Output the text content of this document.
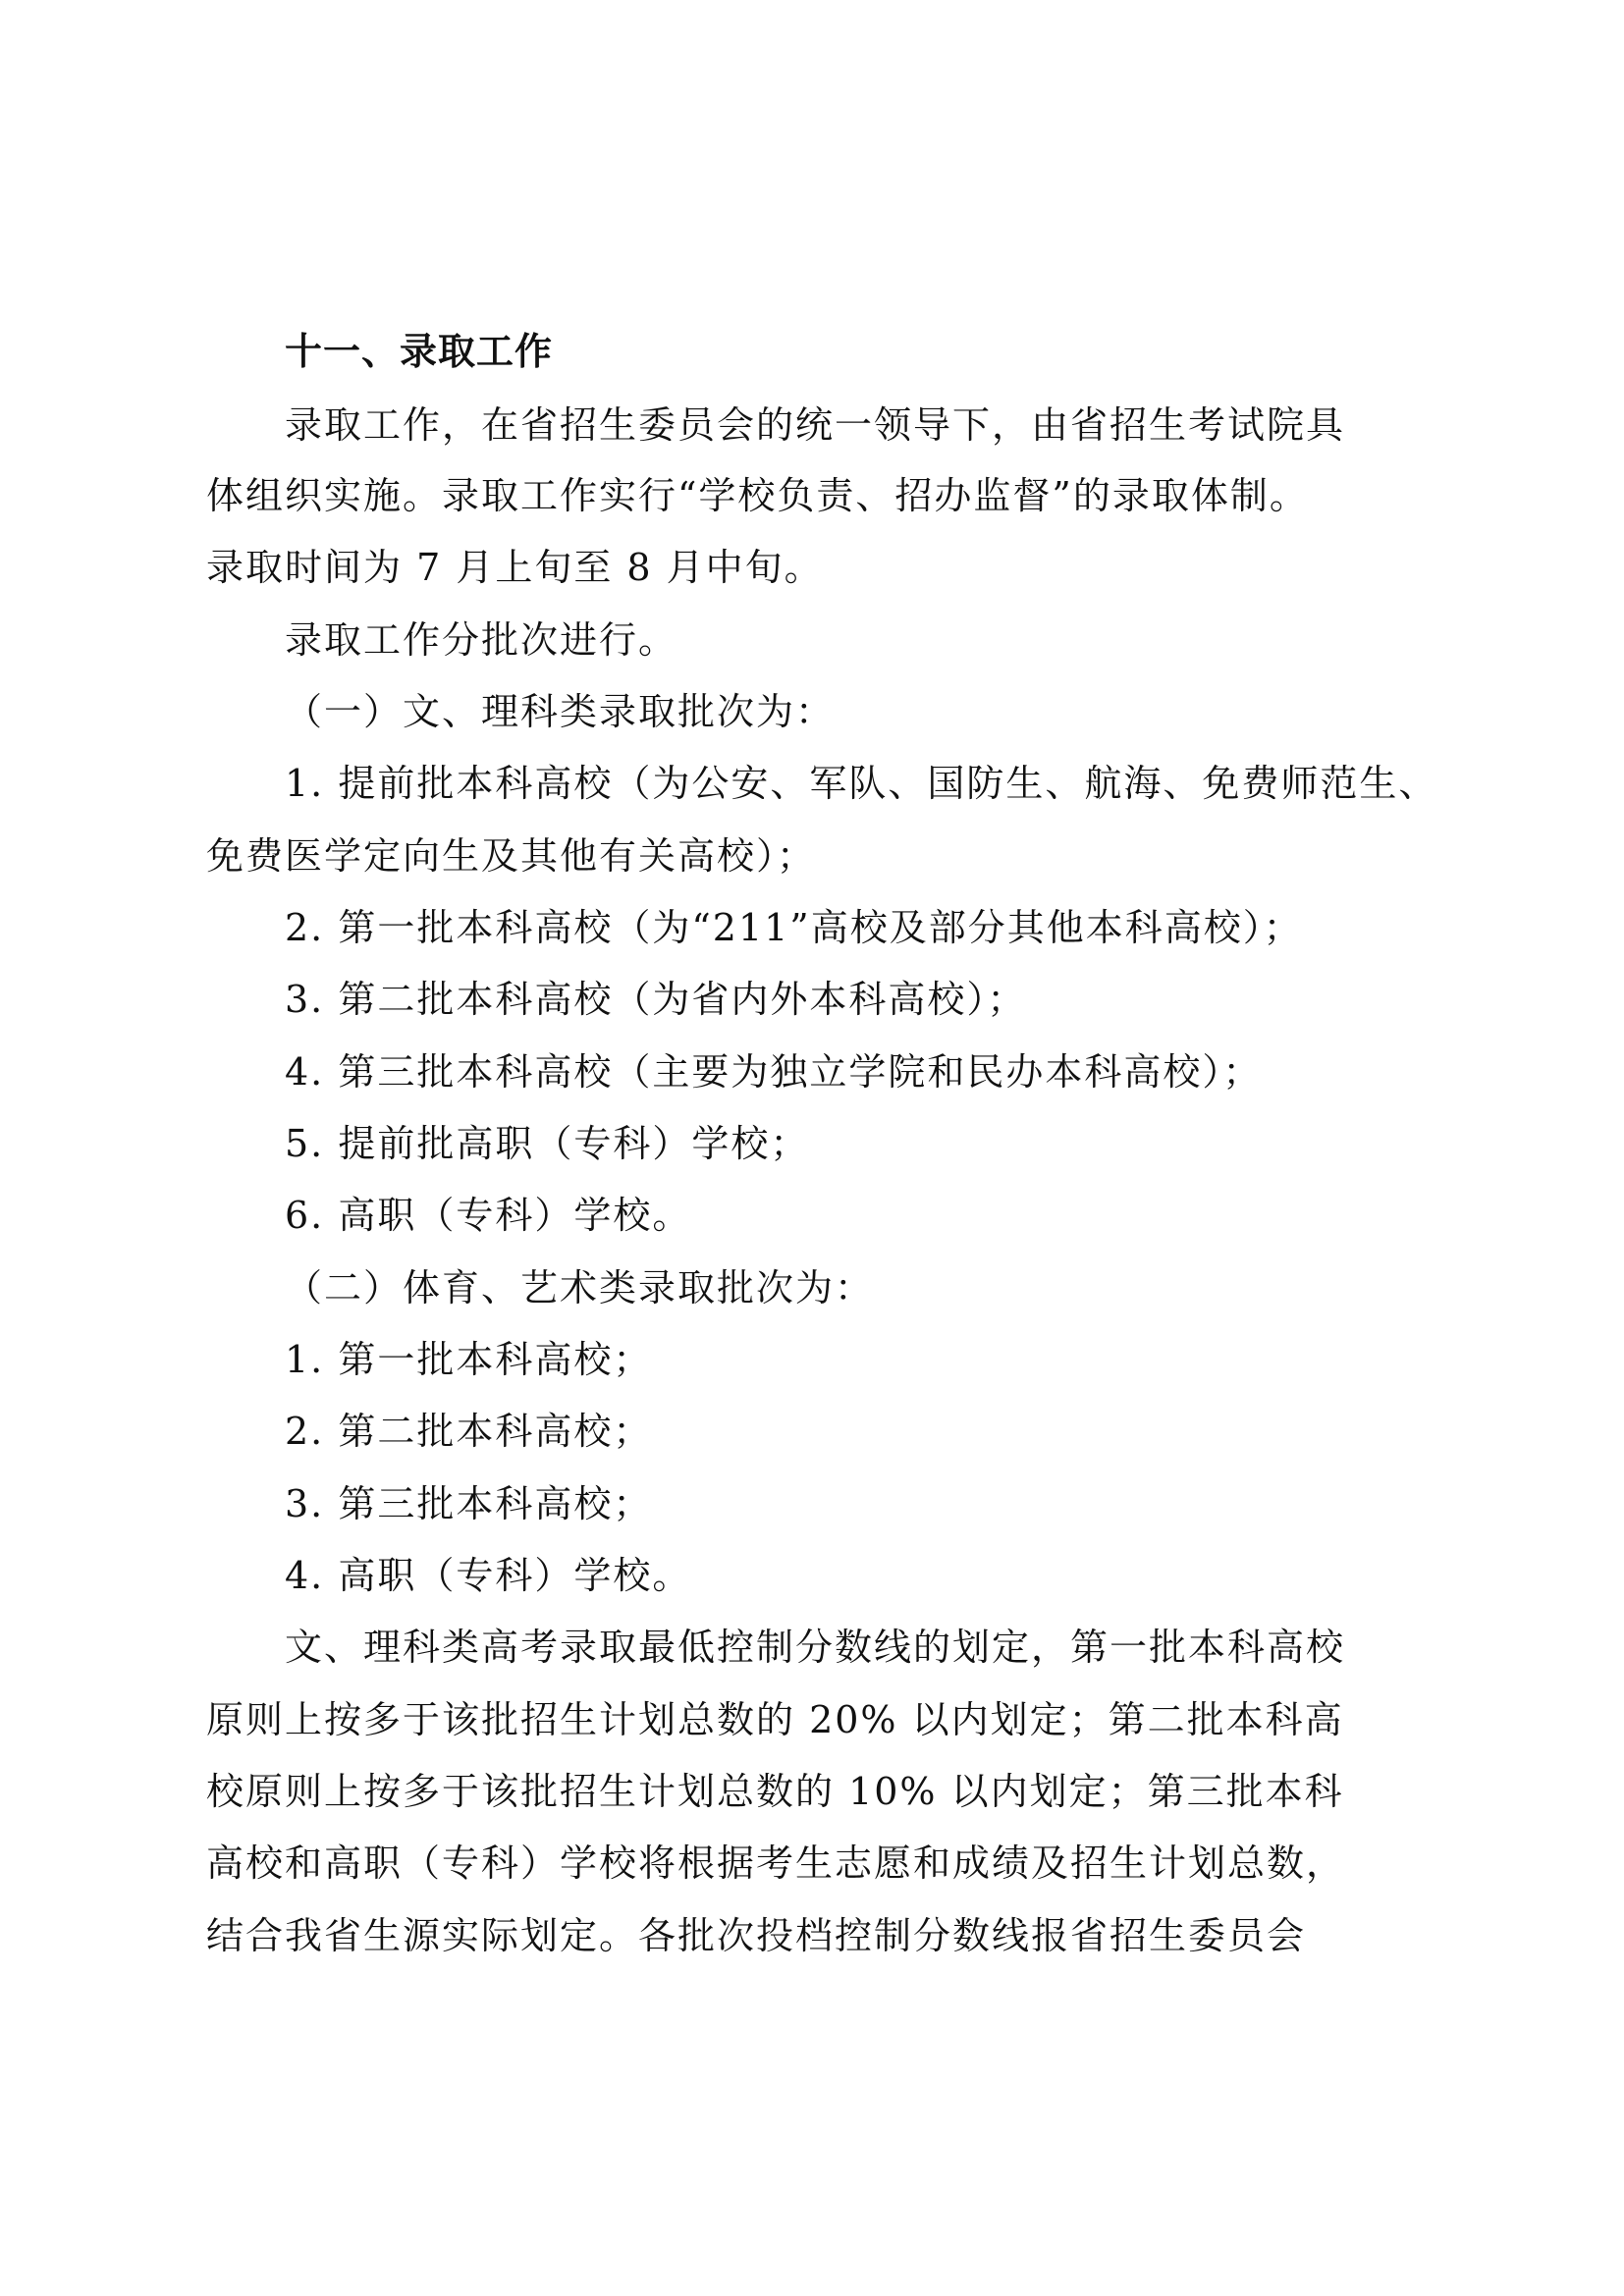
十一、录取工作
录取工作，在省招生委员会的统一领导下，由省招生考试院具
体组织实施。录取工作实行“学校负责、招办监督”的录取体制。
录取时间为 7 月上旬至 8 月中旬。
录取工作分批次进行。
（一）文、理科类录取批次为：
1. 提前批本科高校（为公安、军队、国防生、航海、免费师范生、
免费医学定向生及其他有关高校）；
2. 第一批本科高校（为“211”高校及部分其他本科高校）；
3. 第二批本科高校（为省内外本科高校）；
4. 第三批本科高校（主要为独立学院和民办本科高校）；
5. 提前批高职（专科）学校；
6. 高职（专科）学校。
（二）体育、艺术类录取批次为：
1. 第一批本科高校；
2. 第二批本科高校；
3. 第三批本科高校；
4. 高职（专科）学校。
文、理科类高考录取最低控制分数线的划定，第一批本科高校
原则上按多于该批招生计划总数的 20% 以内划定；第二批本科高
校原则上按多于该批招生计划总数的 10% 以内划定；第三批本科
高校和高职（专科）学校将根据考生志愿和成绩及招生计划总数，
结合我省生源实际划定。各批次投档控制分数线报省招生委员会
